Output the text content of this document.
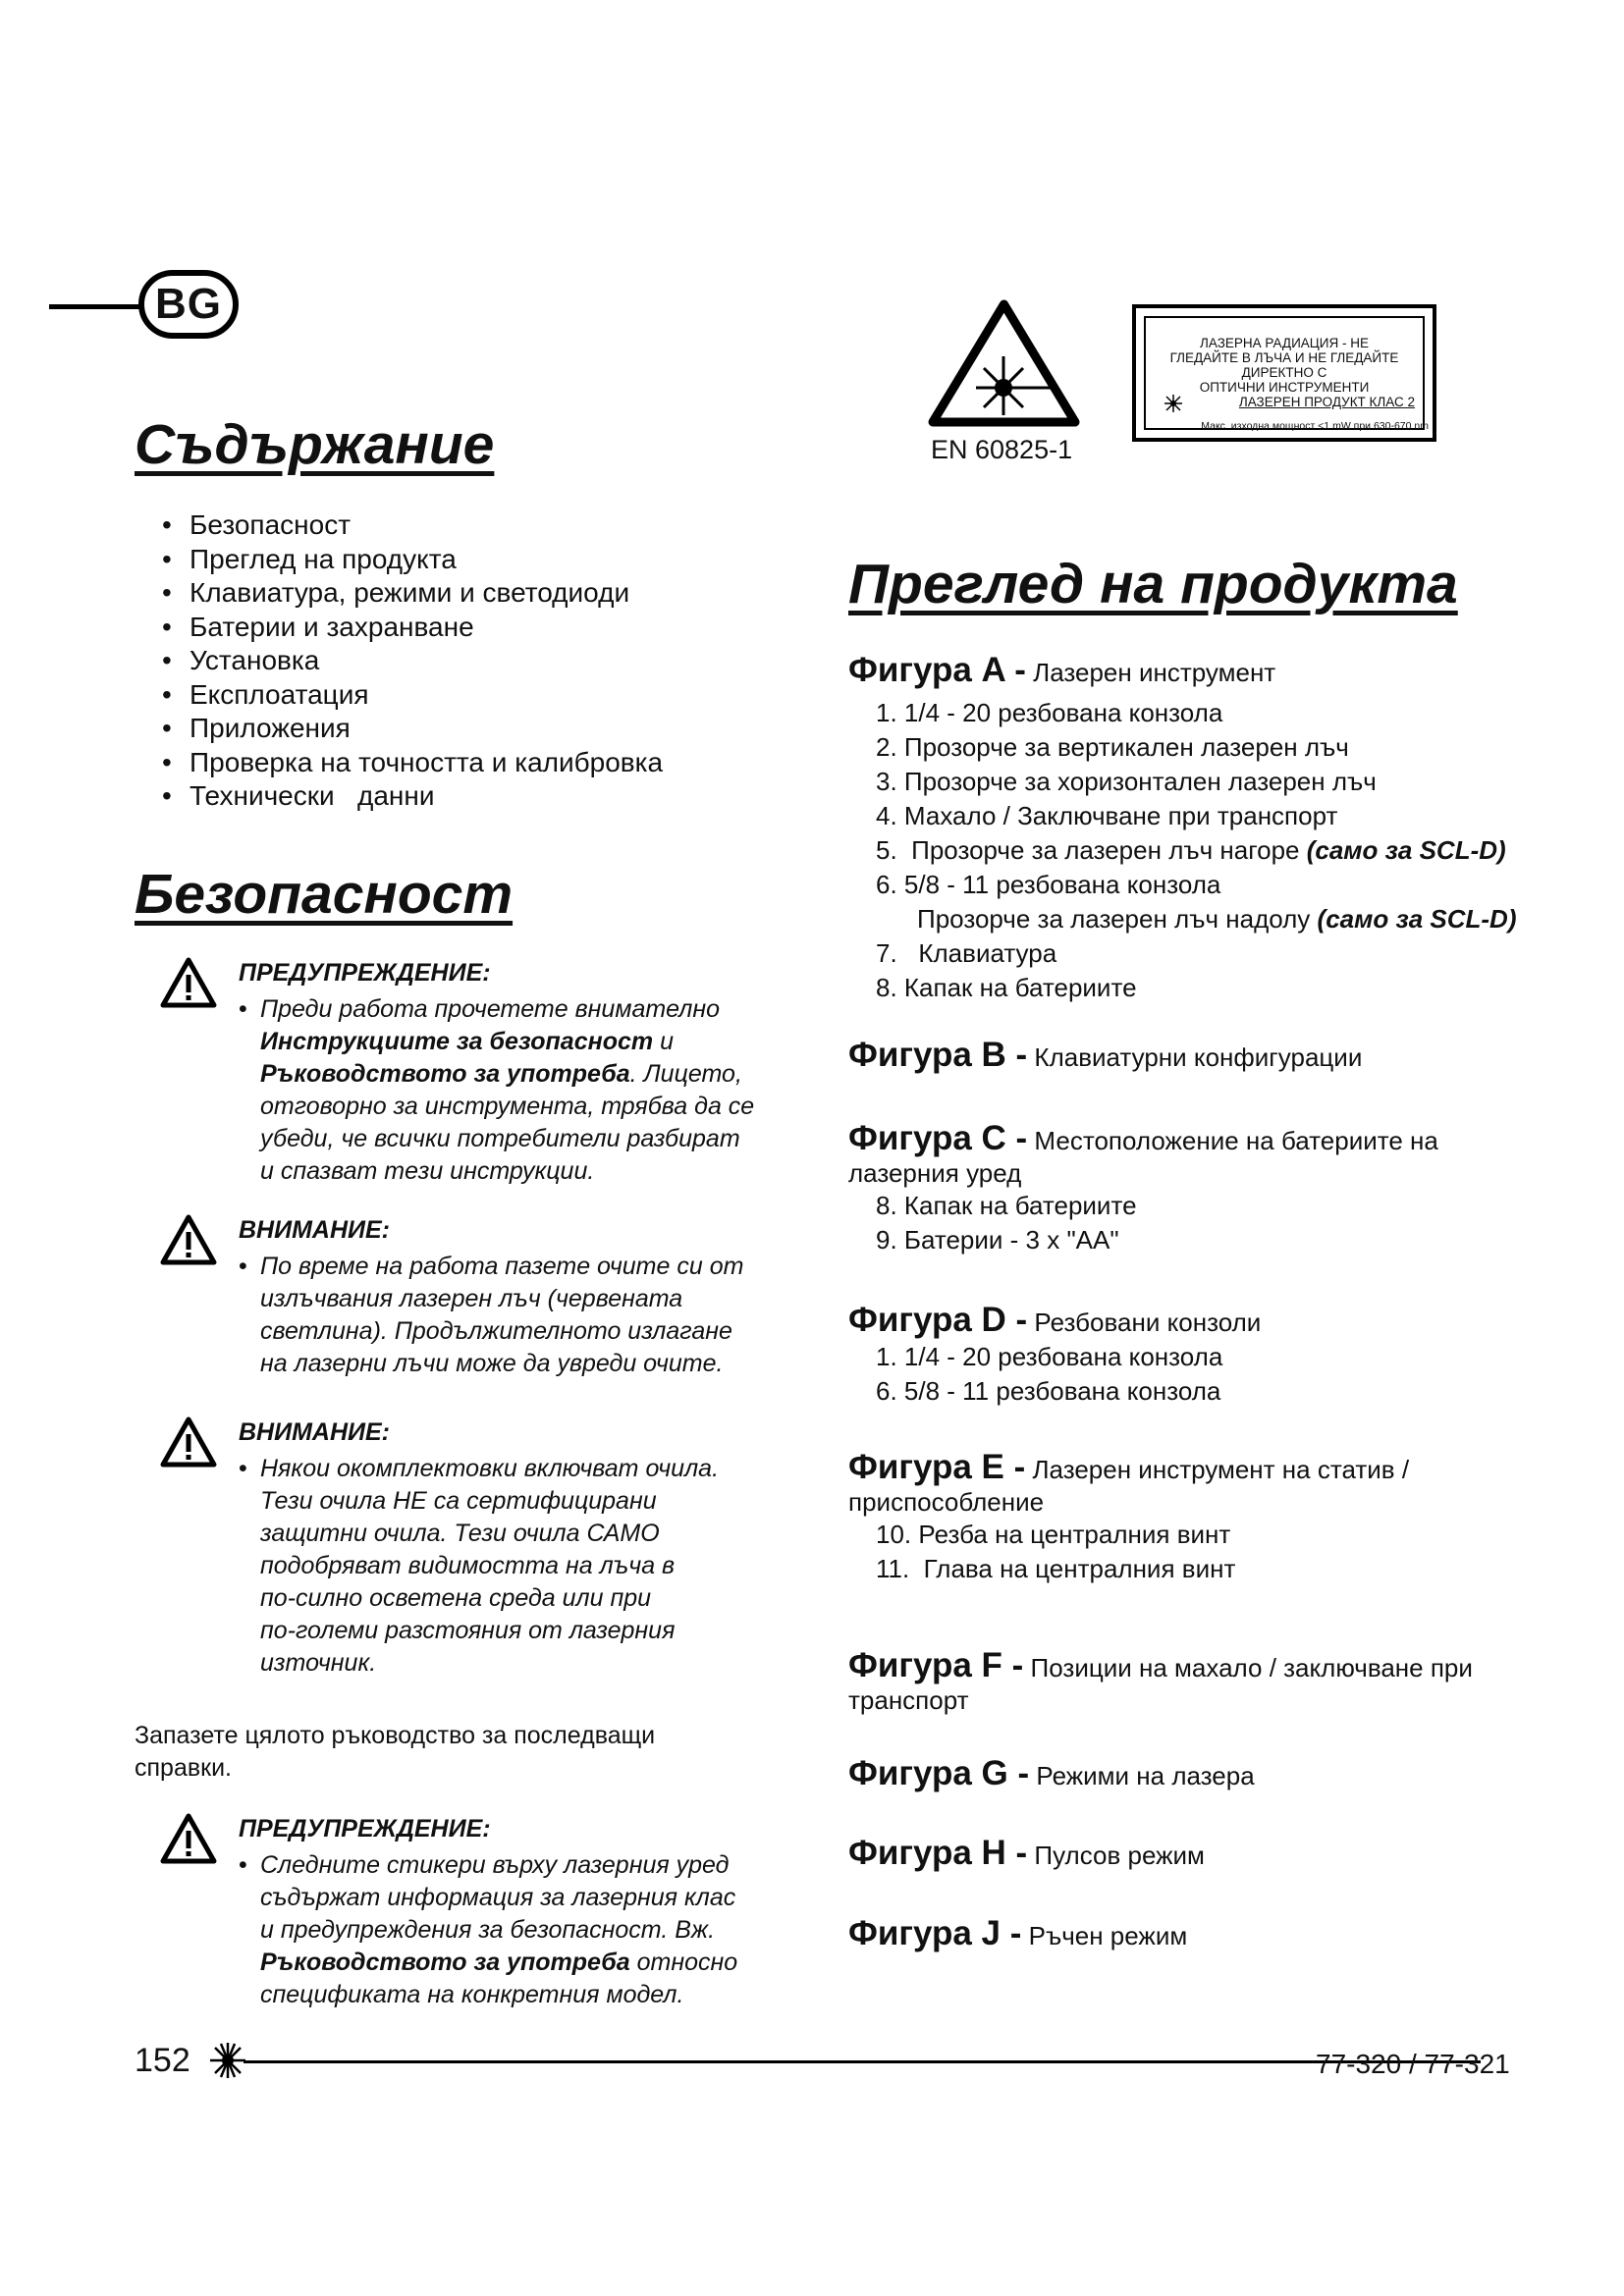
BG
Съдържание
• Безопасност
• Преглед на продукта
• Клавиатура, режими и светодиоди
• Батерии и захранване
• Установка
• Експлоатация
• Приложения
• Проверка на точността и калибровка
• Технически   данни
Безопасност
ПРЕДУПРЕЖДЕНИЕ:
• Преди работа прочетете внимателно
Инструкциите за безопасност и
Ръководството за употреба. Лицето,
отговорно за инструмента, трябва да се
убеди, че всички потребители разбират
и спазват тези инструкции.
ВНИМАНИЕ:
• По време на работа пазете очите си от
излъчвания лазерен лъч (червената
светлина). Продължителното излагане
на лазерни лъчи може да увреди очите.
ВНИМАНИЕ:
• Някои окомплектовки включват очила.
Тези очила НЕ са сертифицирани
защитни очила. Тези очила САМО
подобряват видимостта на лъча в
по-силно осветена среда или при
по-големи разстояния от лазерния
източник.
Запазете цялото ръководство за последващи
справки.
ПРЕДУПРЕЖДЕНИЕ:
• Следните стикери върху лазерния уред
съдържат информация за лазерния клас
и предупреждения за безопасност. Вж.
Ръководството за употреба относно
спецификата на конкретния модел.
EN 60825-1
ЛАЗЕРНА РАДИАЦИЯ - НЕ
ГЛЕДАЙТЕ В ЛЪЧА И НЕ ГЛЕДАЙТЕ
ДИРЕКТНО С
ОПТИЧНИ ИНСТРУМЕНТИ
ЛАЗЕРЕН ПРОДУКТ КЛАС 2
Макс. изходна мощност <1 mW при 630-670 nm
Преглед на продукта
Фигура A - Лазерен инструмент
1. 1/4 - 20 резбована конзола
2. Прозорче за вертикален лазерен лъч
3. Прозорче за хоризонтален лазерен лъч
4. Махало / Заключване при транспорт
5.  Прозорче за лазерен лъч нагоре (само за SCL-D)
6. 5/8 - 11 резбована конзола
Прозорче за лазерен лъч надолу (само за SCL-D)
7.   Клавиатура
8. Капак на батериите
Фигура B - Клавиатурни конфигурации
Фигура C - Местоположение на батериите на
лазерния уред
8. Капак на батериите
9. Батерии - 3 x "AA"
Фигура D - Резбовани конзоли
1. 1/4 - 20 резбована конзола
6. 5/8 - 11 резбована конзола
Фигура E - Лазерен инструмент на статив /
приспособление
10. Резба на централния винт
11.  Глава на централния винт
Фигура F - Позиции на махало / заключване при
транспорт
Фигура G - Режими на лазера
Фигура H - Пулсов режим
Фигура J - Ръчен режим
152	77-320 / 77-321
